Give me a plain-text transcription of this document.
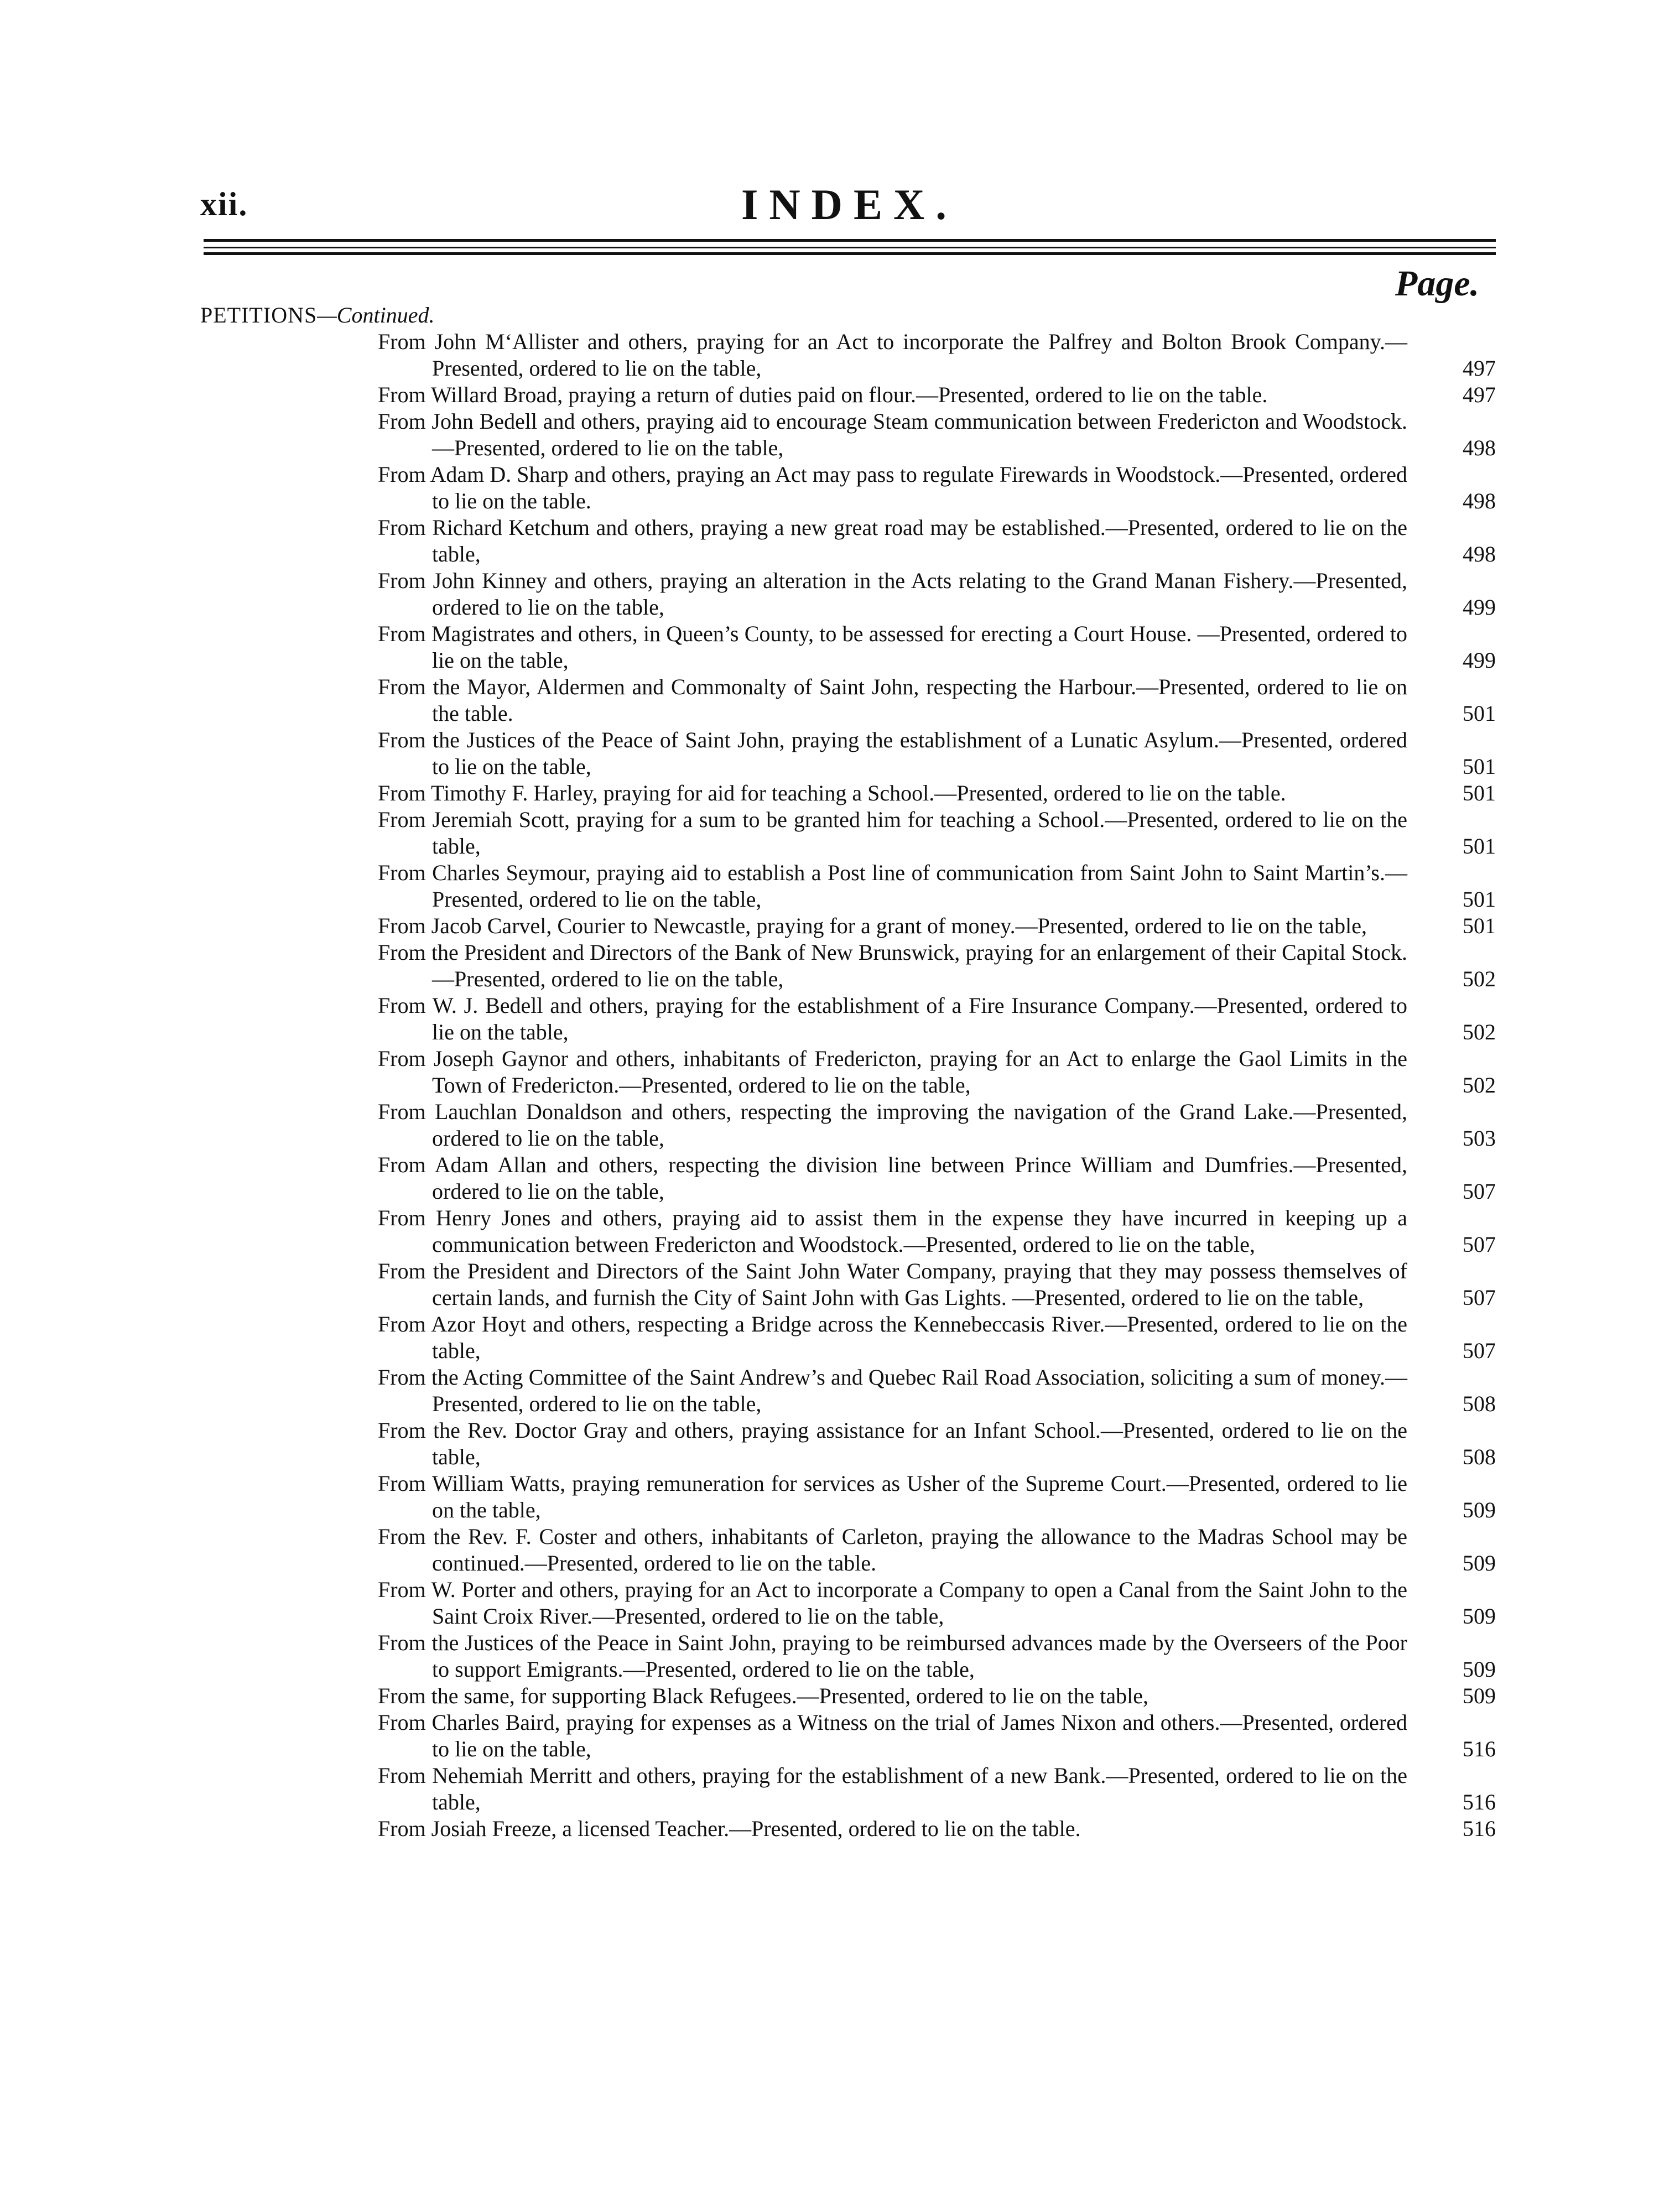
xii.	INDEX.
Page.
PETITIONS—Continued.
From John M‘Allister and others, praying for an Act to incorporate the Palfrey and Bolton Brook Company.—Presented, ordered to lie on the table,	497
From Willard Broad, praying a return of duties paid on flour.—Presented, ordered to lie on the table.	497
From John Bedell and others, praying aid to encourage Steam communication between Fredericton and Woodstock.—Presented, ordered to lie on the table,	498
From Adam D. Sharp and others, praying an Act may pass to regulate Firewards in Woodstock.—Presented, ordered to lie on the table.	498
From Richard Ketchum and others, praying a new great road may be established.—Presented, ordered to lie on the table,	498
From John Kinney and others, praying an alteration in the Acts relating to the Grand Manan Fishery.—Presented, ordered to lie on the table,	499
From Magistrates and others, in Queen’s County, to be assessed for erecting a Court House. —Presented, ordered to lie on the table,	499
From the Mayor, Aldermen and Commonalty of Saint John, respecting the Harbour.—Presented, ordered to lie on the table.	501
From the Justices of the Peace of Saint John, praying the establishment of a Lunatic Asylum.—Presented, ordered to lie on the table,	501
From Timothy F. Harley, praying for aid for teaching a School.—Presented, ordered to lie on the table.	501
From Jeremiah Scott, praying for a sum to be granted him for teaching a School.—Presented, ordered to lie on the table,	501
From Charles Seymour, praying aid to establish a Post line of communication from Saint John to Saint Martin’s.—Presented, ordered to lie on the table,	501
From Jacob Carvel, Courier to Newcastle, praying for a grant of money.—Presented, ordered to lie on the table,	501
From the President and Directors of the Bank of New Brunswick, praying for an enlargement of their Capital Stock.—Presented, ordered to lie on the table,	502
From W. J. Bedell and others, praying for the establishment of a Fire Insurance Company.—Presented, ordered to lie on the table,	502
From Joseph Gaynor and others, inhabitants of Fredericton, praying for an Act to enlarge the Gaol Limits in the Town of Fredericton.—Presented, ordered to lie on the table,	502
From Lauchlan Donaldson and others, respecting the improving the navigation of the Grand Lake.—Presented, ordered to lie on the table,	503
From Adam Allan and others, respecting the division line between Prince William and Dumfries.—Presented, ordered to lie on the table,	507
From Henry Jones and others, praying aid to assist them in the expense they have incurred in keeping up a communication between Fredericton and Woodstock.—Presented, ordered to lie on the table,	507
From the President and Directors of the Saint John Water Company, praying that they may possess themselves of certain lands, and furnish the City of Saint John with Gas Lights. —Presented, ordered to lie on the table,	507
From Azor Hoyt and others, respecting a Bridge across the Kennebeccasis River.—Presented, ordered to lie on the table,	507
From the Acting Committee of the Saint Andrew’s and Quebec Rail Road Association, soliciting a sum of money.—Presented, ordered to lie on the table,	508
From the Rev. Doctor Gray and others, praying assistance for an Infant School.—Presented, ordered to lie on the table,	508
From William Watts, praying remuneration for services as Usher of the Supreme Court.—Presented, ordered to lie on the table,	509
From the Rev. F. Coster and others, inhabitants of Carleton, praying the allowance to the Madras School may be continued.—Presented, ordered to lie on the table.	509
From W. Porter and others, praying for an Act to incorporate a Company to open a Canal from the Saint John to the Saint Croix River.—Presented, ordered to lie on the table,	509
From the Justices of the Peace in Saint John, praying to be reimbursed advances made by the Overseers of the Poor to support Emigrants.—Presented, ordered to lie on the table,	509
From the same, for supporting Black Refugees.—Presented, ordered to lie on the table,	509
From Charles Baird, praying for expenses as a Witness on the trial of James Nixon and others.—Presented, ordered to lie on the table,	516
From Nehemiah Merritt and others, praying for the establishment of a new Bank.—Presented, ordered to lie on the table,	516
From Josiah Freeze, a licensed Teacher.—Presented, ordered to lie on the table.	516
